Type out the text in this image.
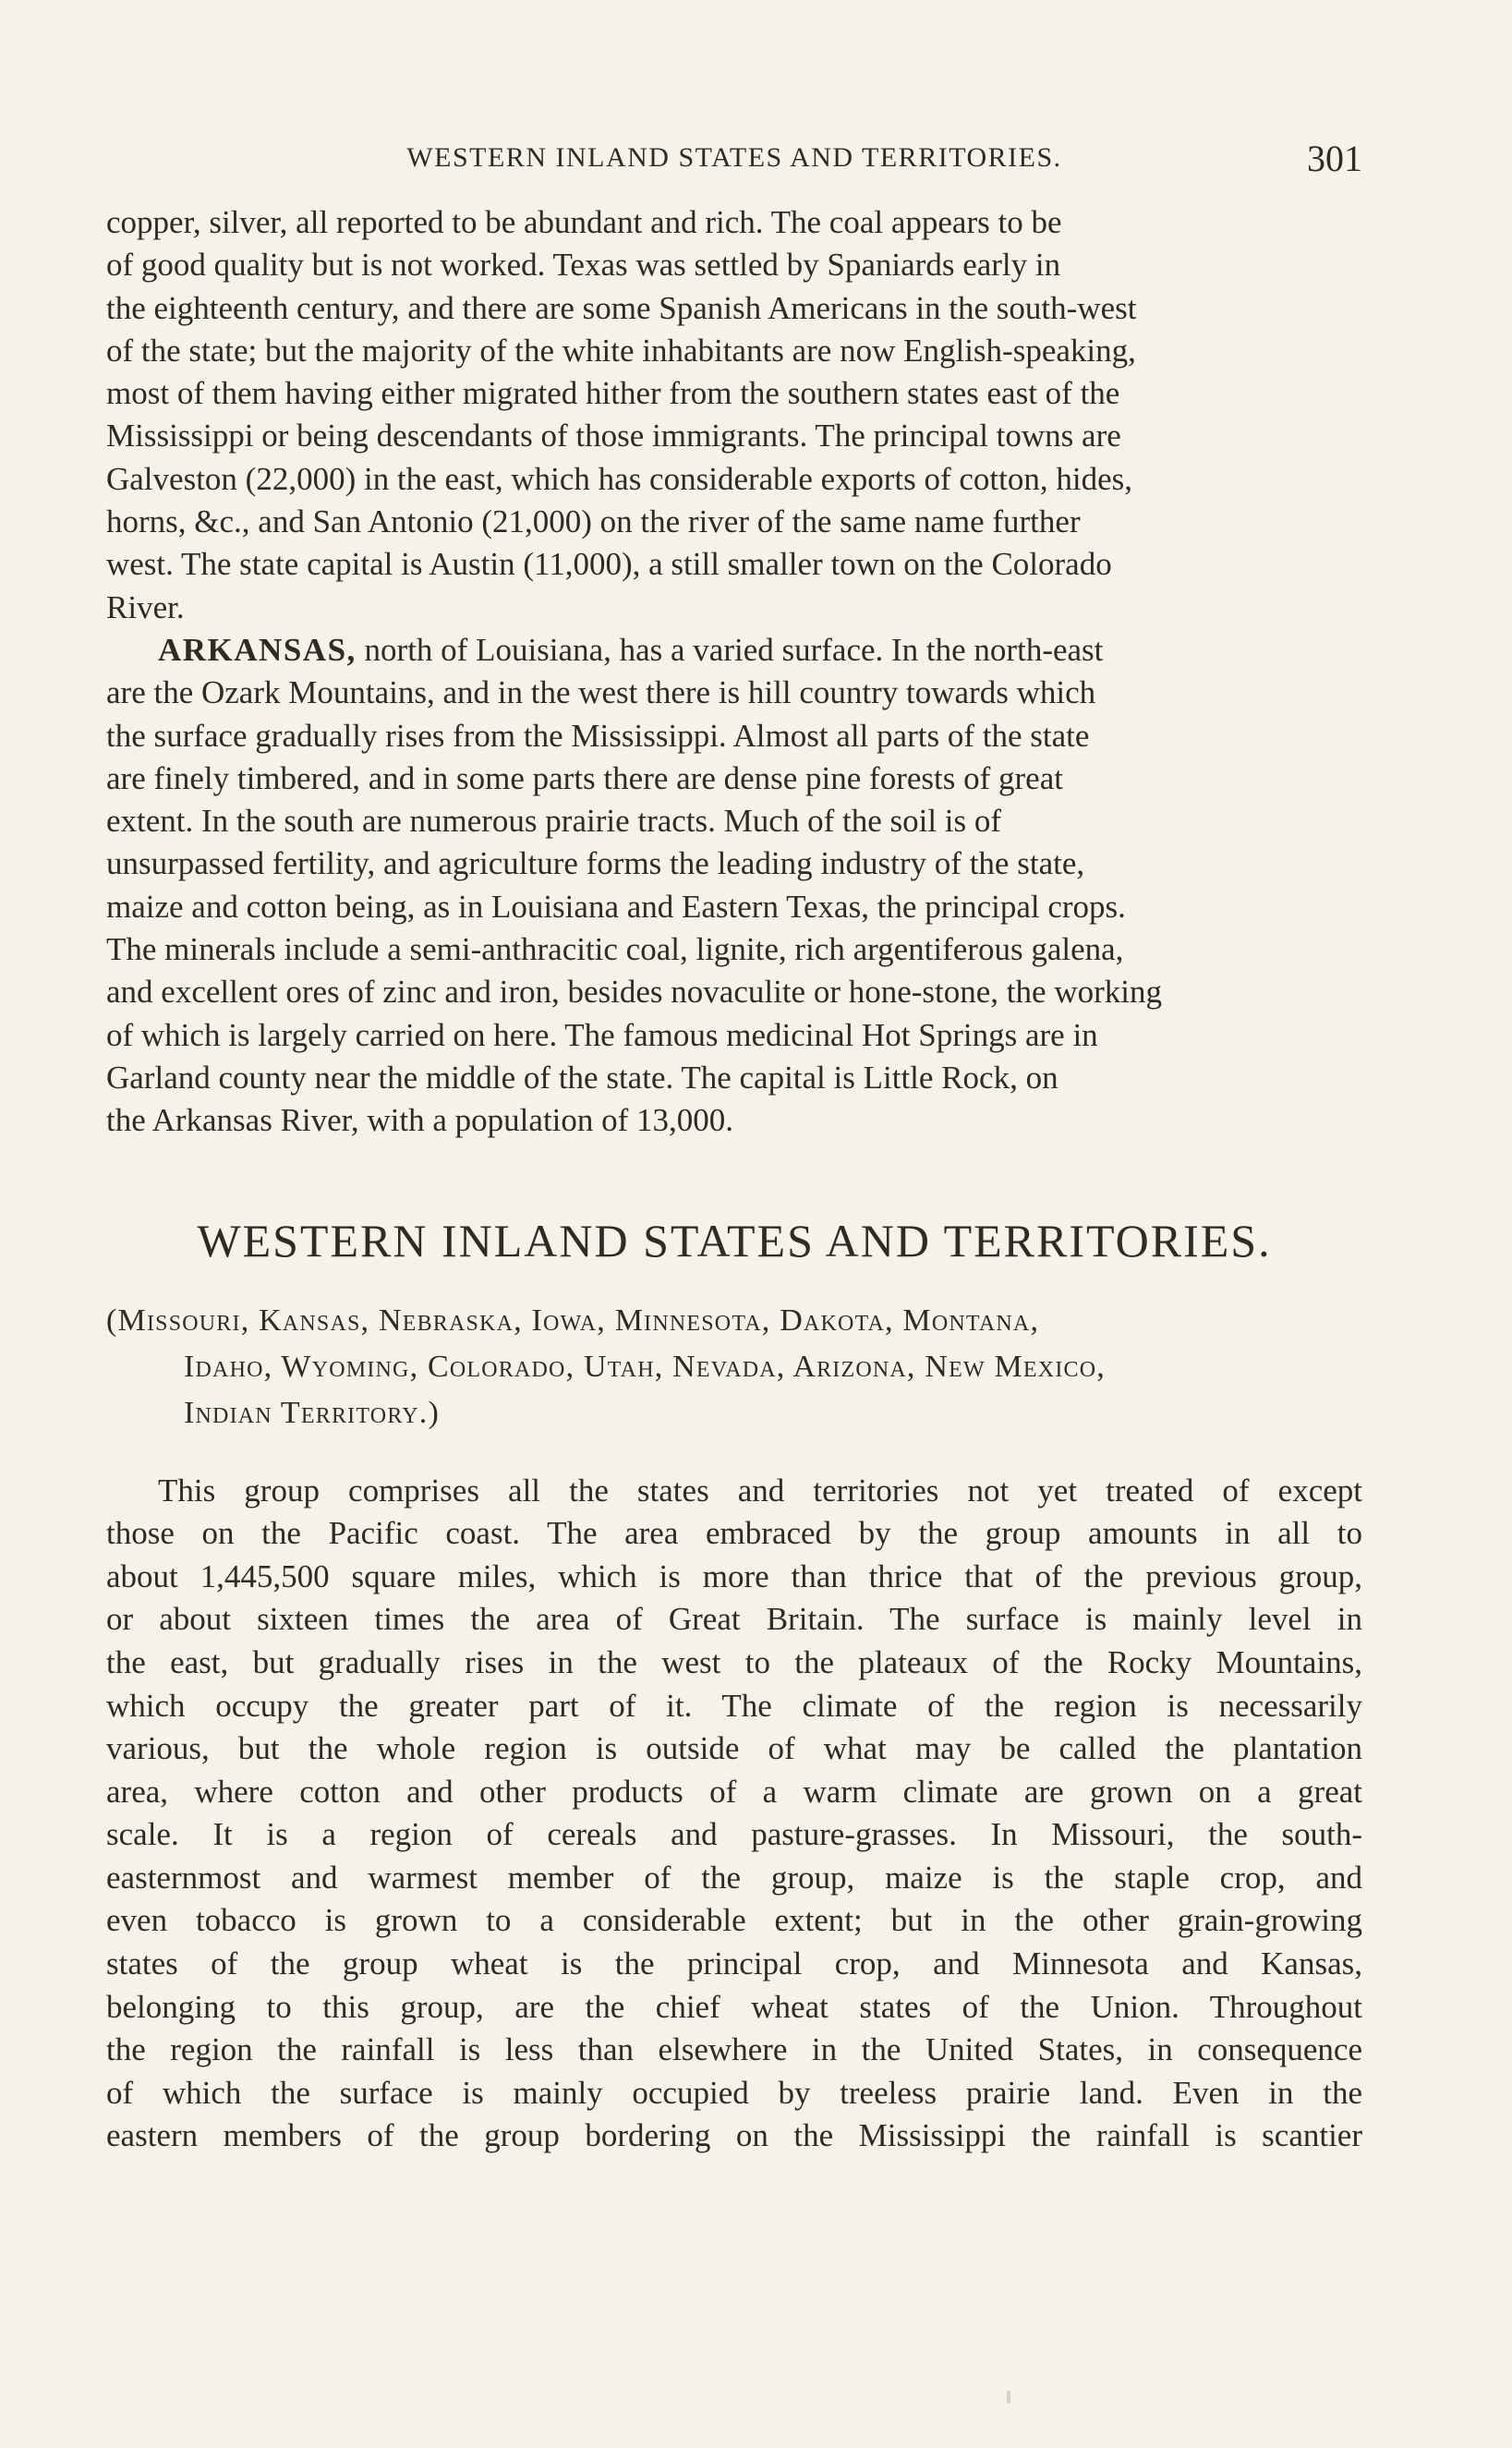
WESTERN INLAND STATES AND TERRITORIES.	301

copper, silver, all reported to be abundant and rich. The coal appears to be
of good quality but is not worked. Texas was settled by Spaniards early in
the eighteenth century, and there are some Spanish Americans in the south-west
of the state; but the majority of the white inhabitants are now English-speaking,
most of them having either migrated hither from the southern states east of the
Mississippi or being descendants of those immigrants. The principal towns are
Galveston (22,000) in the east, which has considerable exports of cotton, hides,
horns, &c., and San Antonio (21,000) on the river of the same name further
west. The state capital is Austin (11,000), a still smaller town on the Colorado
River.

ARKANSAS, north of Louisiana, has a varied surface. In the north-east
are the Ozark Mountains, and in the west there is hill country towards which
the surface gradually rises from the Mississippi. Almost all parts of the state
are finely timbered, and in some parts there are dense pine forests of great
extent. In the south are numerous prairie tracts. Much of the soil is of
unsurpassed fertility, and agriculture forms the leading industry of the state,
maize and cotton being, as in Louisiana and Eastern Texas, the principal crops.
The minerals include a semi-anthracitic coal, lignite, rich argentiferous galena,
and excellent ores of zinc and iron, besides novaculite or hone-stone, the working
of which is largely carried on here. The famous medicinal Hot Springs are in
Garland county near the middle of the state. The capital is Little Rock, on
the Arkansas River, with a population of 13,000.

WESTERN INLAND STATES AND TERRITORIES.

(Missouri, Kansas, Nebraska, Iowa, Minnesota, Dakota, Montana,
Idaho, Wyoming, Colorado, Utah, Nevada, Arizona, New Mexico,
Indian Territory.)

This group comprises all the states and territories not yet treated of except
those on the Pacific coast. The area embraced by the group amounts in all to
about 1,445,500 square miles, which is more than thrice that of the previous group,
or about sixteen times the area of Great Britain. The surface is mainly level in
the east, but gradually rises in the west to the plateaux of the Rocky Mountains,
which occupy the greater part of it. The climate of the region is necessarily
various, but the whole region is outside of what may be called the plantation
area, where cotton and other products of a warm climate are grown on a great
scale. It is a region of cereals and pasture-grasses. In Missouri, the south-
easternmost and warmest member of the group, maize is the staple crop, and
even tobacco is grown to a considerable extent; but in the other grain-growing
states of the group wheat is the principal crop, and Minnesota and Kansas,
belonging to this group, are the chief wheat states of the Union. Throughout
the region the rainfall is less than elsewhere in the United States, in consequence
of which the surface is mainly occupied by treeless prairie land. Even in the
eastern members of the group bordering on the Mississippi the rainfall is scantier
